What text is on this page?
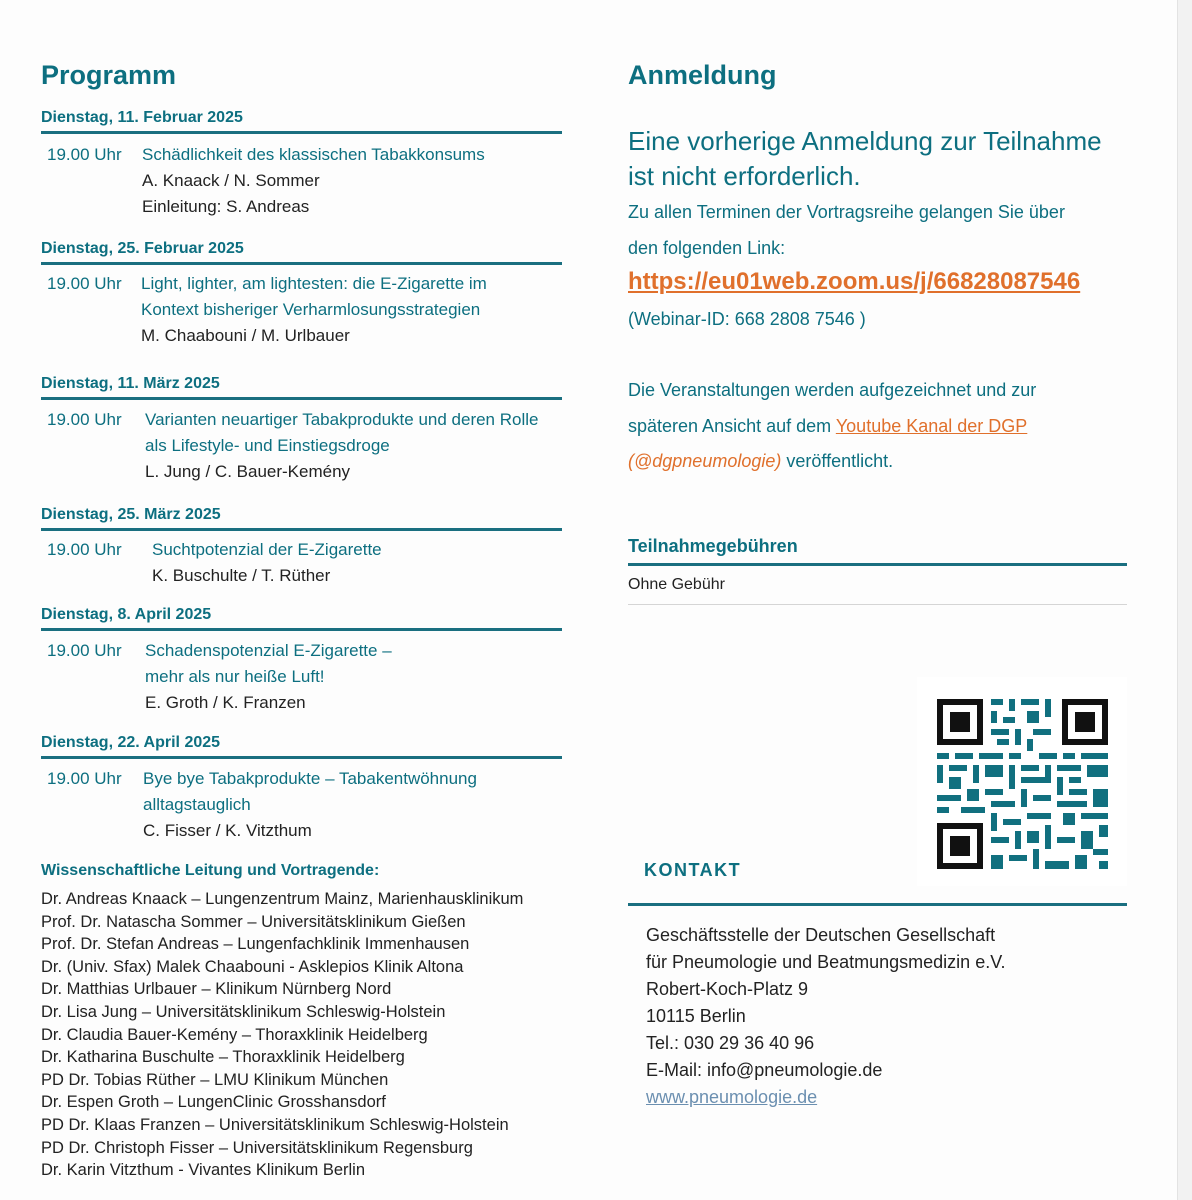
Programm
Dienstag, 11. Februar 2025
19.00 Uhr Schädlichkeit des klassischen Tabakkonsums
A. Knaack / N. Sommer
Einleitung: S. Andreas
Dienstag, 25. Februar 2025
19.00 Uhr Light, lighter, am lightesten: die E-Zigarette im
Kontext bisheriger Verharmlosungsstrategien
M. Chaabouni / M. Urlbauer
Dienstag, 11. März 2025
19.00 Uhr Varianten neuartiger Tabakprodukte und deren Rolle
als Lifestyle- und Einstiegsdroge
L. Jung / C. Bauer-Kemény
Dienstag, 25. März 2025
19.00 Uhr Suchtpotenzial der E-Zigarette
K. Buschulte / T. Rüther
Dienstag, 8. April 2025
19.00 Uhr Schadenspotenzial E-Zigarette –
mehr als nur heiße Luft!
E. Groth / K. Franzen
Dienstag, 22. April 2025
19.00 Uhr Bye bye Tabakprodukte – Tabakentwöhnung
alltagstauglich
C. Fisser / K. Vitzthum
Wissenschaftliche Leitung und Vortragende:
Dr. Andreas Knaack – Lungenzentrum Mainz, Marienhausklinikum
Prof. Dr. Natascha Sommer – Universitätsklinikum Gießen
Prof. Dr. Stefan Andreas – Lungenfachklinik Immenhausen
Dr. (Univ. Sfax) Malek Chaabouni - Asklepios Klinik Altona
Dr. Matthias Urlbauer – Klinikum Nürnberg Nord
Dr. Lisa Jung – Universitätsklinikum Schleswig-Holstein
Dr. Claudia Bauer-Kemény – Thoraxklinik Heidelberg
Dr. Katharina Buschulte – Thoraxklinik Heidelberg
PD Dr. Tobias Rüther – LMU Klinikum München
Dr. Espen Groth – LungenClinic Grosshansdorf
PD Dr. Klaas Franzen – Universitätsklinikum Schleswig-Holstein
PD Dr. Christoph Fisser – Universitätsklinikum Regensburg
Dr. Karin Vitzthum - Vivantes Klinikum Berlin
Anmeldung
Eine vorherige Anmeldung zur Teilnahme
ist nicht erforderlich.
Zu allen Terminen der Vortragsreihe gelangen Sie über
den folgenden Link:
https://eu01web.zoom.us/j/66828087546
(Webinar-ID: 668 2808 7546 )
Die Veranstaltungen werden aufgezeichnet und zur
späteren Ansicht auf dem Youtube Kanal der DGP
(@dgpneumologie) veröffentlicht.
Teilnahmegebühren
Ohne Gebühr
KONTAKT
Geschäftsstelle der Deutschen Gesellschaft
für Pneumologie und Beatmungsmedizin e.V.
Robert-Koch-Platz 9
10115 Berlin
Tel.: 030 29 36 40 96
E-Mail: info@pneumologie.de
www.pneumologie.de
